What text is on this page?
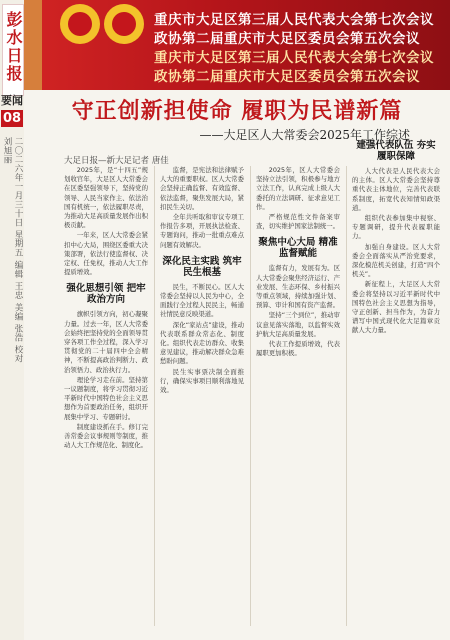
彭水日报	重庆市大足区第三届人民代表大会第七次会议
政协第二届重庆市大足区委员会第五次会议
重庆市大足区第三届人民代表大会第七次会议
政协第二届重庆市大足区委员会第五次会议
要闻
08
二〇二六年一月三十日 星期五 编辑 王忠 美编 张浩 校对 刘旭丽
守正创新担使命 履职为民谱新篇
——大足区人大常委会2025年工作综述
大足日报—新大足记者 唐佳

2025年，是“十四五”规划收官年，大足区人大常委会在区委坚强领导下，坚持党的领导、人民当家作主、依法治国有机统一，依法履职尽责，为推动大足高质量发展作出积极贡献。

一年来，区人大常委会紧扣中心大局，围绕区委重大决策部署，依法行使监督权、决定权、任免权，推动人大工作提质增效。

强化思想引领 把牢政治方向

旗帜引领方向，初心凝聚力量。过去一年，区人大常委会始终把坚持党的全面领导贯穿各项工作全过程，深入学习贯彻党的二十届四中全会精神，不断提高政治判断力、政治领悟力、政治执行力。

理论学习走在前。坚持第一议题制度，将学习贯彻习近平新时代中国特色社会主义思想作为首要政治任务，组织开展集中学习、专题研讨。

制度建设抓在手。修订完善常委会议事规则等制度，推动人大工作规范化、制度化。

监督，是宪法和法律赋予人大的重要职权。区人大常委会坚持正确监督、有效监督、依法监督，聚焦发展大局，紧扣民生关切。

全年共听取和审议专项工作报告多项，开展执法检查、专题询问，推动一批重点难点问题有效解决。

深化民主实践 筑牢民生根基

民生，不断民心。区人大常委会坚持以人民为中心，全面践行全过程人民民主，畅通社情民意反映渠道。

深化“家站点”建设，推动代表联系群众常态化、制度化。组织代表走访群众、收集意见建议，推动解决群众急难愁盼问题。

民生实事票决制全面推行，确保实事项目顺利落地见效。

2025年，区人大常委会坚持立法引领，积极参与地方立法工作，认真完成上级人大委托的立法调研、征求意见工作。

严格规范性文件备案审查，切实维护国家法制统一。

聚焦中心大局 精准监督赋能

监督有力，发展有为。区人大常委会聚焦经济运行、产业发展、生态环保、乡村振兴等重点领域，持续加强计划、预算、审计和国有资产监督。

坚持“三个到位”，推动审议意见落实落地，以监督实效护航大足高质量发展。

代表工作提质增效，代表履职更加积极。

建强代表队伍 夯实履职保障

人大代表是人民代表大会的主体。区人大常委会坚持尊重代表主体地位，完善代表联系制度，拓宽代表知情知政渠道。

组织代表参加集中视察、专题调研，提升代表履职能力。

加强自身建设。区人大常委会全面落实从严治党要求，深化模范机关创建，打造“四个机关”。

新征程上，大足区人大常委会将坚持以习近平新时代中国特色社会主义思想为指导，守正创新、担当作为，为奋力谱写中国式现代化大足篇章贡献人大力量。
